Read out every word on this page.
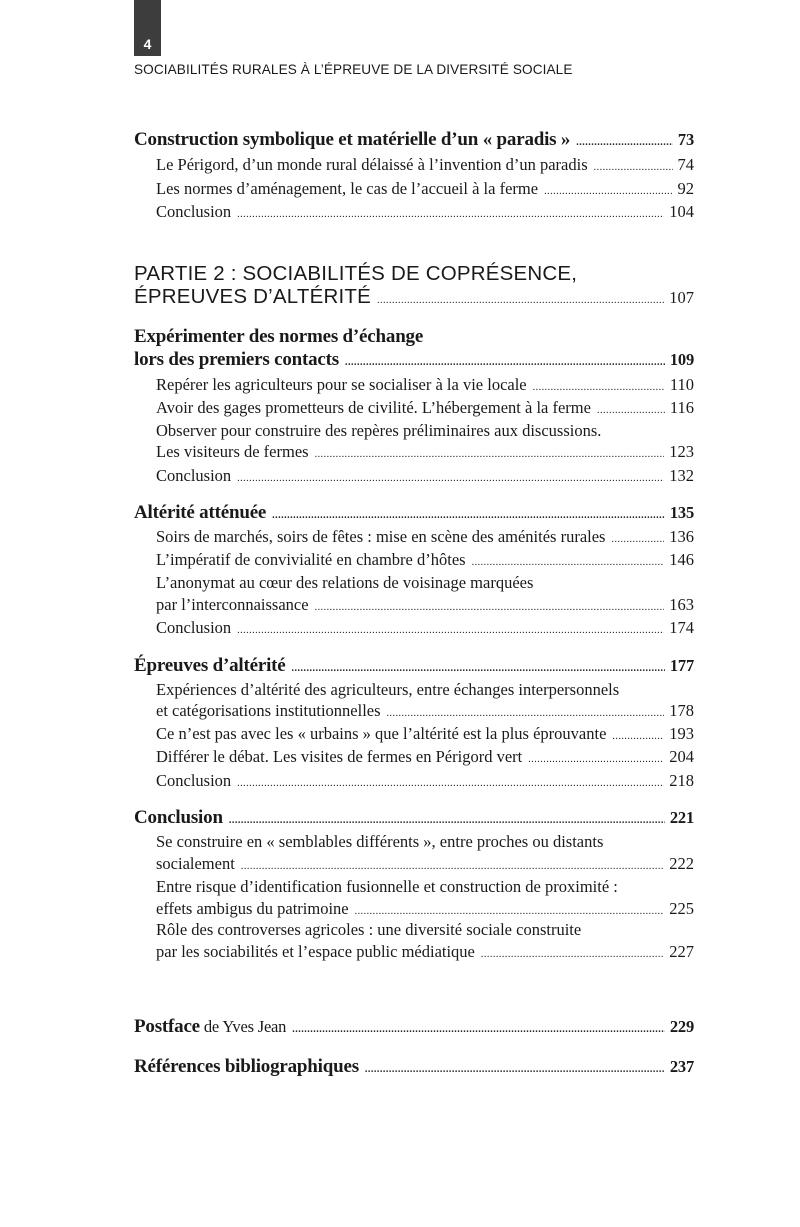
4
SOCIABILITÉS RURALES À L’ÉPREUVE DE LA DIVERSITÉ SOCIALE
Construction symbolique et matérielle d’un « paradis » .....	73
Le Périgord, d’un monde rural délaissé à l’invention d’un paradis .....	74
Les normes d’aménagement, le cas de l’accueil à la ferme .....	92
Conclusion .....	104
PARTIE 2 : SOCIABILITÉS DE COPRÉSENCE,
ÉPREUVES D’ALTÉRITÉ .....	107
Expérimenter des normes d’échange
lors des premiers contacts .....	109
Repérer les agriculteurs pour se socialiser à la vie locale .....	110
Avoir des gages prometteurs de civilité. L’hébergement à la ferme .....	116
Observer pour construire des repères préliminaires aux discussions.
Les visiteurs de fermes .....	123
Conclusion .....	132
Altérité atténuée .....	135
Soirs de marchés, soirs de fêtes : mise en scène des aménités rurales .....	136
L’impératif de convivialité en chambre d’hôtes .....	146
L’anonymat au cœur des relations de voisinage marquées
par l’interconnaissance .....	163
Conclusion .....	174
Épreuves d’altérité .....	177
Expériences d’altérité des agriculteurs, entre échanges interpersonnels
et catégorisations institutionnelles .....	178
Ce n’est pas avec les « urbains » que l’altérité est la plus éprouvante .....	193
Différer le débat. Les visites de fermes en Périgord vert .....	204
Conclusion .....	218
Conclusion .....	221
Se construire en « semblables différents », entre proches ou distants
socialement .....	222
Entre risque d’identification fusionnelle et construction de proximité :
effets ambigus du patrimoine .....	225
Rôle des controverses agricoles : une diversité sociale construite
par les sociabilités et l’espace public médiatique .....	227
Postface de Yves Jean .....	229
Références bibliographiques .....	237
